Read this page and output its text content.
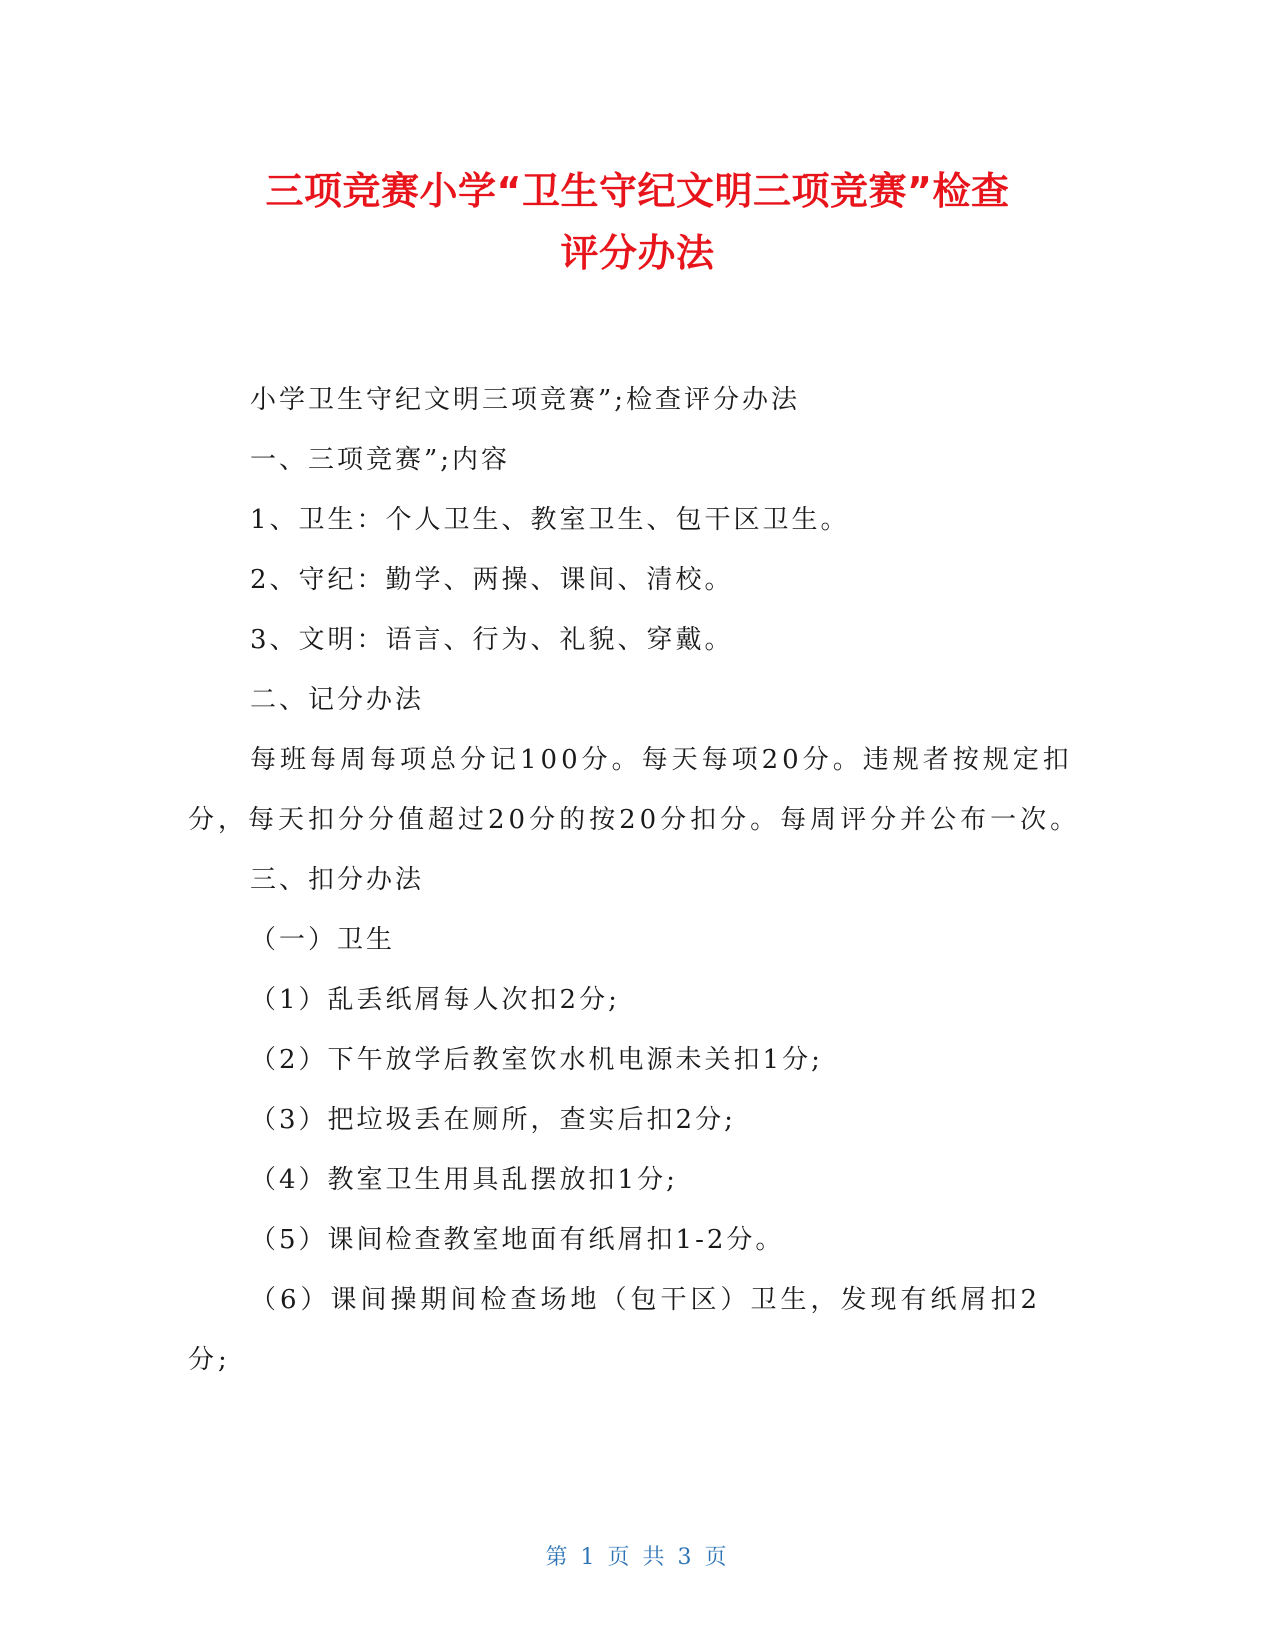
三项竞赛小学“卫生守纪文明三项竞赛”检查
评分办法

小学卫生守纪文明三项竞赛”;检查评分办法

一、三项竞赛”;内容

1、卫生：个人卫生、教室卫生、包干区卫生。

2、守纪：勤学、两操、课间、清校。

3、文明：语言、行为、礼貌、穿戴。

二、记分办法

每班每周每项总分记100分。每天每项20分。违规者按规定扣分，每天扣分分值超过20分的按20分扣分。每周评分并公布一次。

三、扣分办法

（一）卫生

（1）乱丢纸屑每人次扣2分;

（2）下午放学后教室饮水机电源未关扣1分;

（3）把垃圾丢在厕所，查实后扣2分;

（4）教室卫生用具乱摆放扣1分;

（5）课间检查教室地面有纸屑扣1-2分。

（6）课间操期间检查场地（包干区）卫生，发现有纸屑扣2分;

第 1 页 共 3 页
